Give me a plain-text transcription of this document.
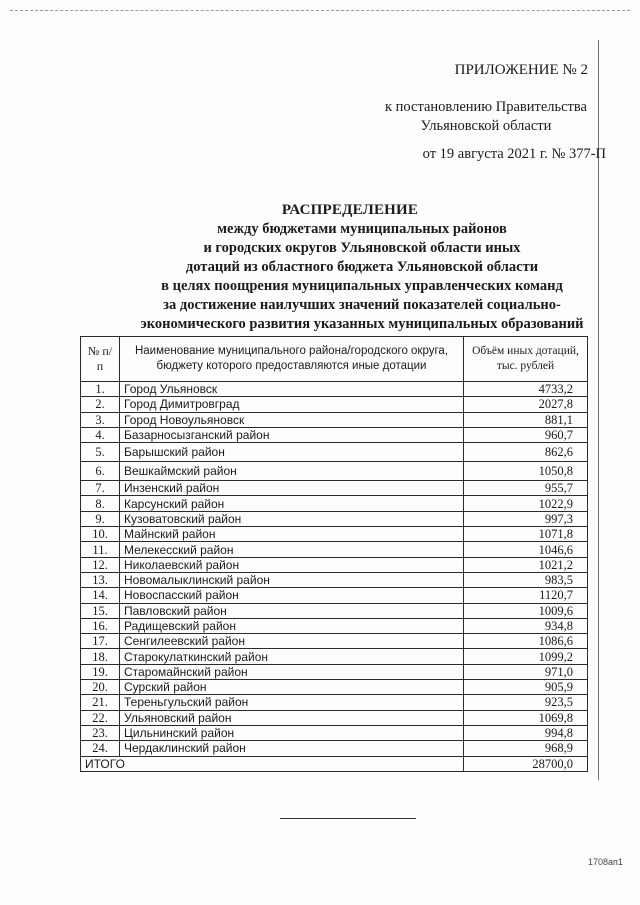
ПРИЛОЖЕНИЕ № 2
к постановлению Правительства
Ульяновской области
от 19 августа 2021 г. № 377-П
РАСПРЕДЕЛЕНИЕ
между бюджетами муниципальных районов
и городских округов Ульяновской области иных
дотаций из областного бюджета Ульяновской области
в целях поощрения муниципальных управленческих команд
за достижение наилучших значений показателей социально-
экономического развития указанных муниципальных образований
№ п/п	Наименование муниципального района/городского округа, бюджету которого предоставляются иные дотации	Объём иных дотаций, тыс. рублей
1.	Город Ульяновск	4733,2
2.	Город Димитровград	2027,8
3.	Город Новоульяновск	881,1
4.	Базарносызганский район	960,7
5.	Барышский район	862,6
6.	Вешкаймский район	1050,8
7.	Инзенский район	955,7
8.	Карсунский район	1022,9
9.	Кузоватовский район	997,3
10.	Майнский район	1071,8
11.	Мелекесский район	1046,6
12.	Николаевский район	1021,2
13.	Новомалыклинский район	983,5
14.	Новоспасский район	1120,7
15.	Павловский район	1009,6
16.	Радищевский район	934,8
17.	Сенгилеевский район	1086,6
18.	Старокулаткинский район	1099,2
19.	Старомайнский район	971,0
20.	Сурский район	905,9
21.	Тереньгульский район	923,5
22.	Ульяновский район	1069,8
23.	Цильнинский район	994,8
24.	Чердаклинский район	968,9
ИТОГО		28700,0
1708ап1
